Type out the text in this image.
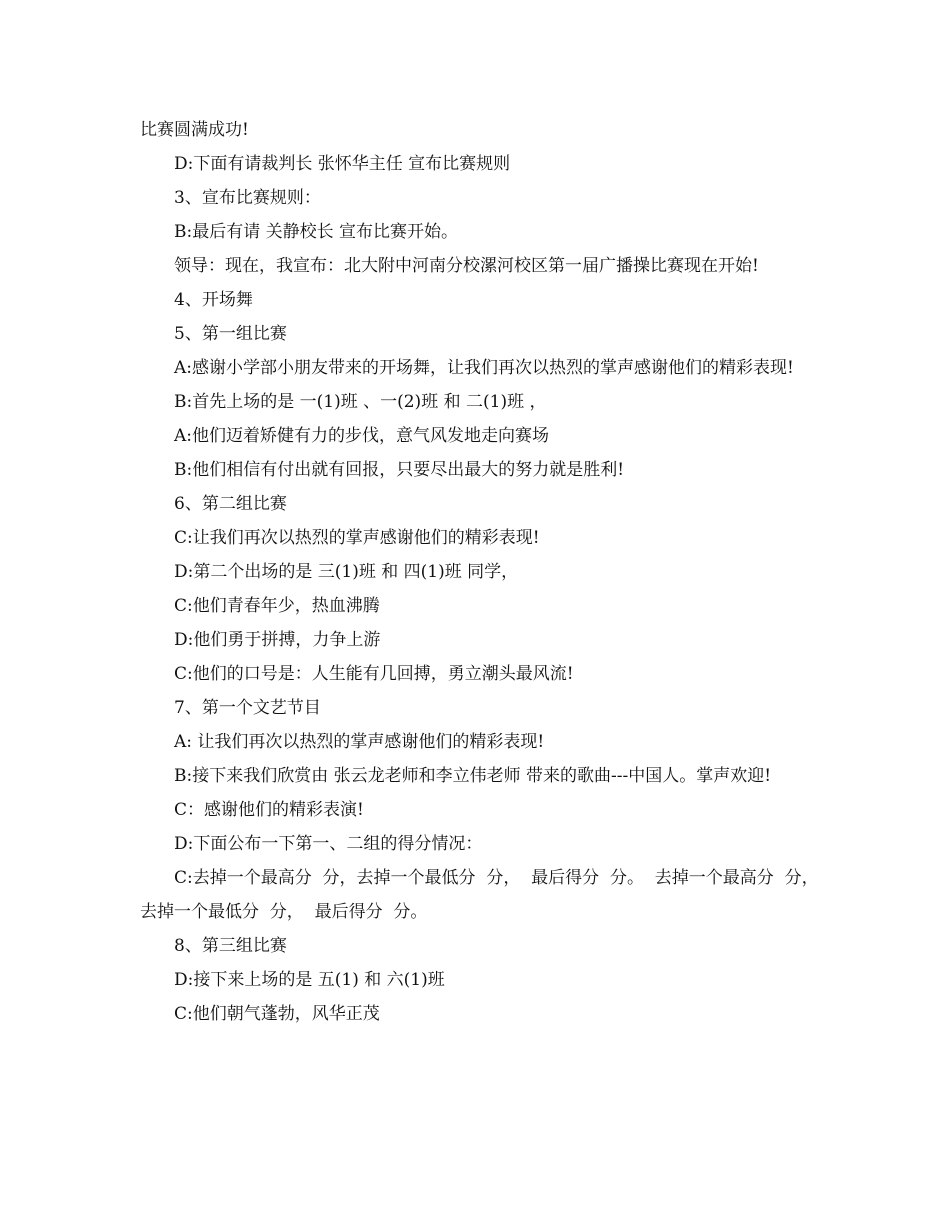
比赛圆满成功!

D:下面有请裁判长 张怀华主任 宣布比赛规则

3、宣布比赛规则：

B:最后有请 关静校长 宣布比赛开始。

领导：现在，我宣布：北大附中河南分校漯河校区第一届广播操比赛现在开始!

4、开场舞

5、第一组比赛

A:感谢小学部小朋友带来的开场舞，让我们再次以热烈的掌声感谢他们的精彩表现!

B:首先上场的是 一(1)班 、一(2)班 和 二(1)班 ，

A:他们迈着矫健有力的步伐，意气风发地走向赛场

B:他们相信有付出就有回报，只要尽出最大的努力就是胜利!

6、第二组比赛

C:让我们再次以热烈的掌声感谢他们的精彩表现!

D:第二个出场的是 三(1)班 和 四(1)班 同学，

C:他们青春年少，热血沸腾

D:他们勇于拼搏，力争上游

C:他们的口号是：人生能有几回搏，勇立潮头最风流!

7、第一个文艺节目

A: 让我们再次以热烈的掌声感谢他们的精彩表现!

B:接下来我们欣赏由 张云龙老师和李立伟老师 带来的歌曲---中国人。掌声欢迎!

C：感谢他们的精彩表演!

D:下面公布一下第一、二组的得分情况：

C:去掉一个最高分  分，去掉一个最低分  分，  最后得分  分。  去掉一个最高分  分，去掉一个最低分  分，  最后得分  分。

8、第三组比赛

D:接下来上场的是 五(1) 和 六(1)班

C:他们朝气蓬勃，风华正茂
